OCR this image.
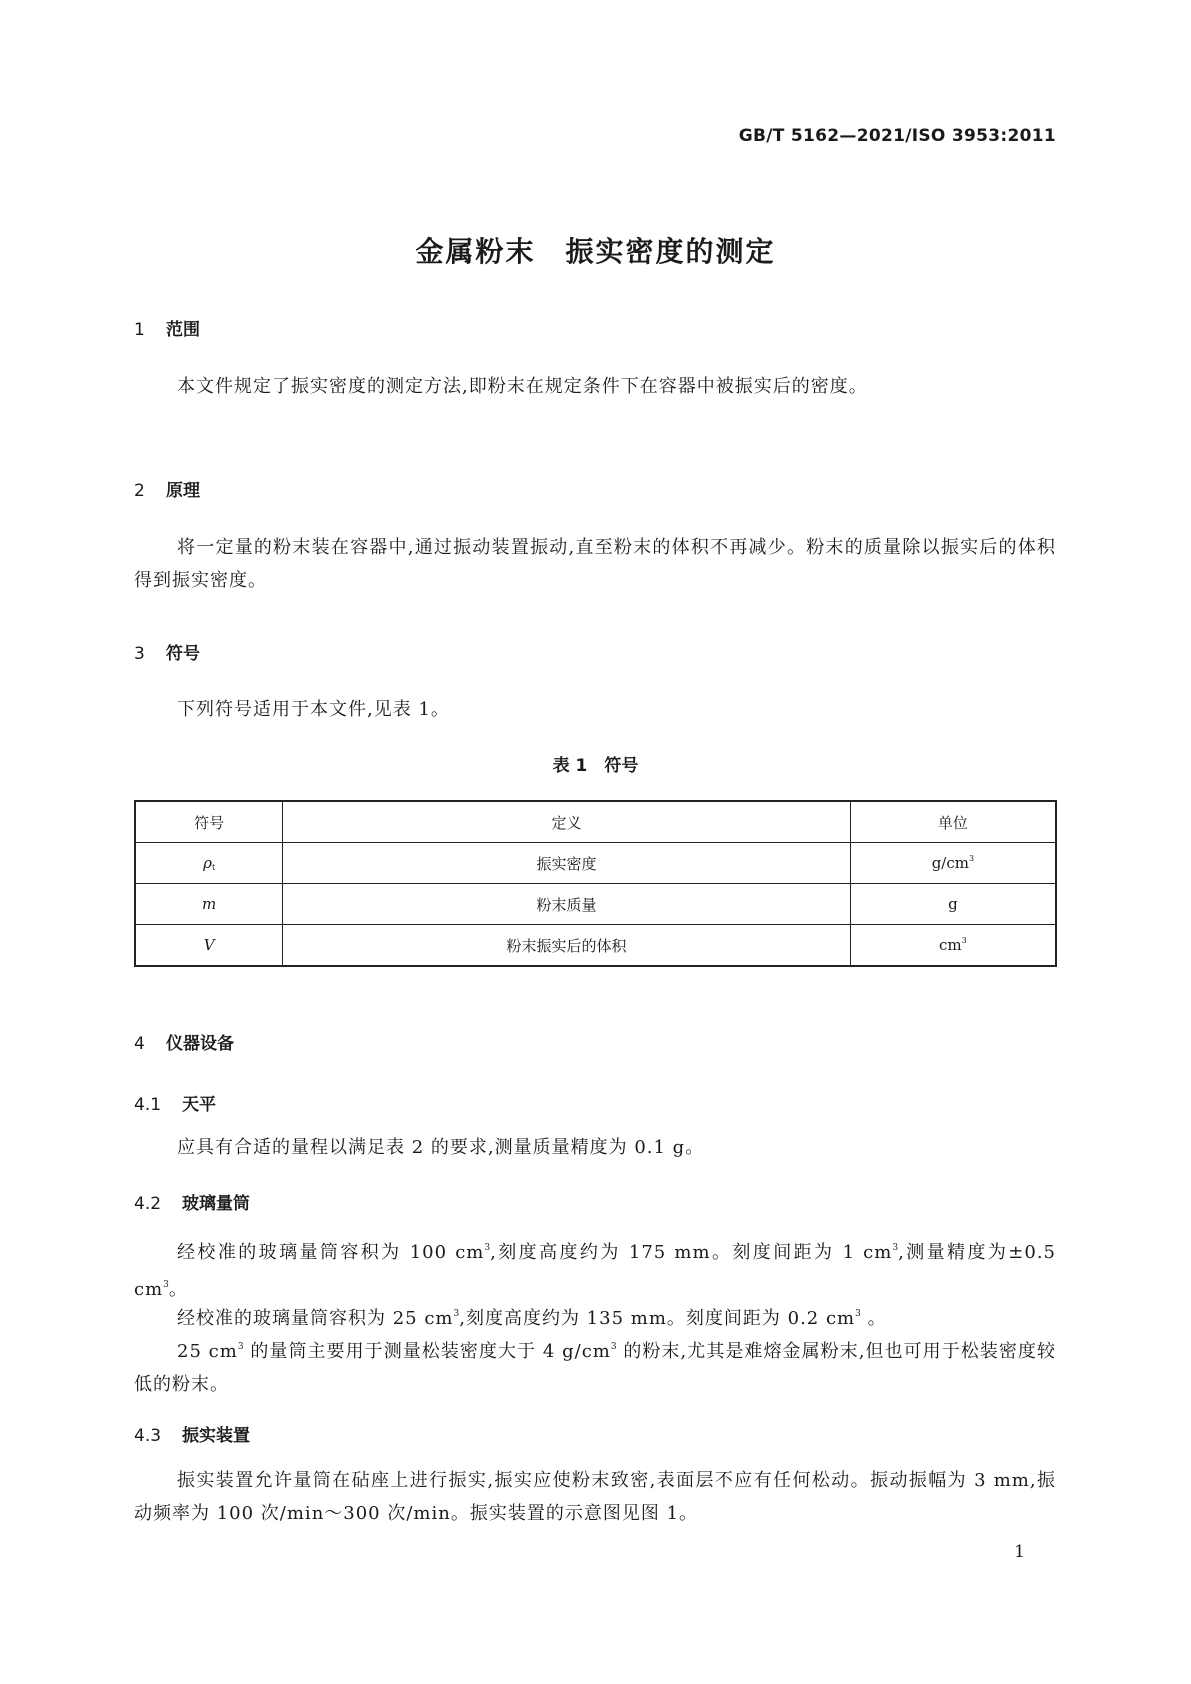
GB/T 5162—2021/ISO 3953:2011
金属粉末　振实密度的测定
1 范围
本文件规定了振实密度的测定方法,即粉末在规定条件下在容器中被振实后的密度。
2 原理
将一定量的粉末装在容器中,通过振动装置振动,直至粉末的体积不再减少。粉末的质量除以振实后的体积得到振实密度。
3 符号
下列符号适用于本文件,见表 1。
表 1　符号
符号	定义	单位
$\rho_t$	振实密度	$g/cm^3$
m	粉末质量	g
V	粉末振实后的体积	$cm^3$
4 仪器设备
4.1 天平
应具有合适的量程以满足表 2 的要求,测量质量精度为 0.1 g。
4.2 玻璃量筒
经校准的玻璃量筒容积为 100 $cm^3$,刻度高度约为 175 mm。刻度间距为 1 $cm^3$,测量精度为±0.5 $cm^3$。
经校准的玻璃量筒容积为 25 $cm^3$,刻度高度约为 135 mm。刻度间距为 0.2 $cm^3$ 。
25 $cm^3$ 的量筒主要用于测量松装密度大于 4 $g/cm^3$ 的粉末,尤其是难熔金属粉末,但也可用于松装密度较低的粉末。
4.3 振实装置
振实装置允许量筒在砧座上进行振实,振实应使粉末致密,表面层不应有任何松动。振动振幅为 3 mm,振动频率为 100 次/min～300 次/min。振实装置的示意图见图 1。
1
